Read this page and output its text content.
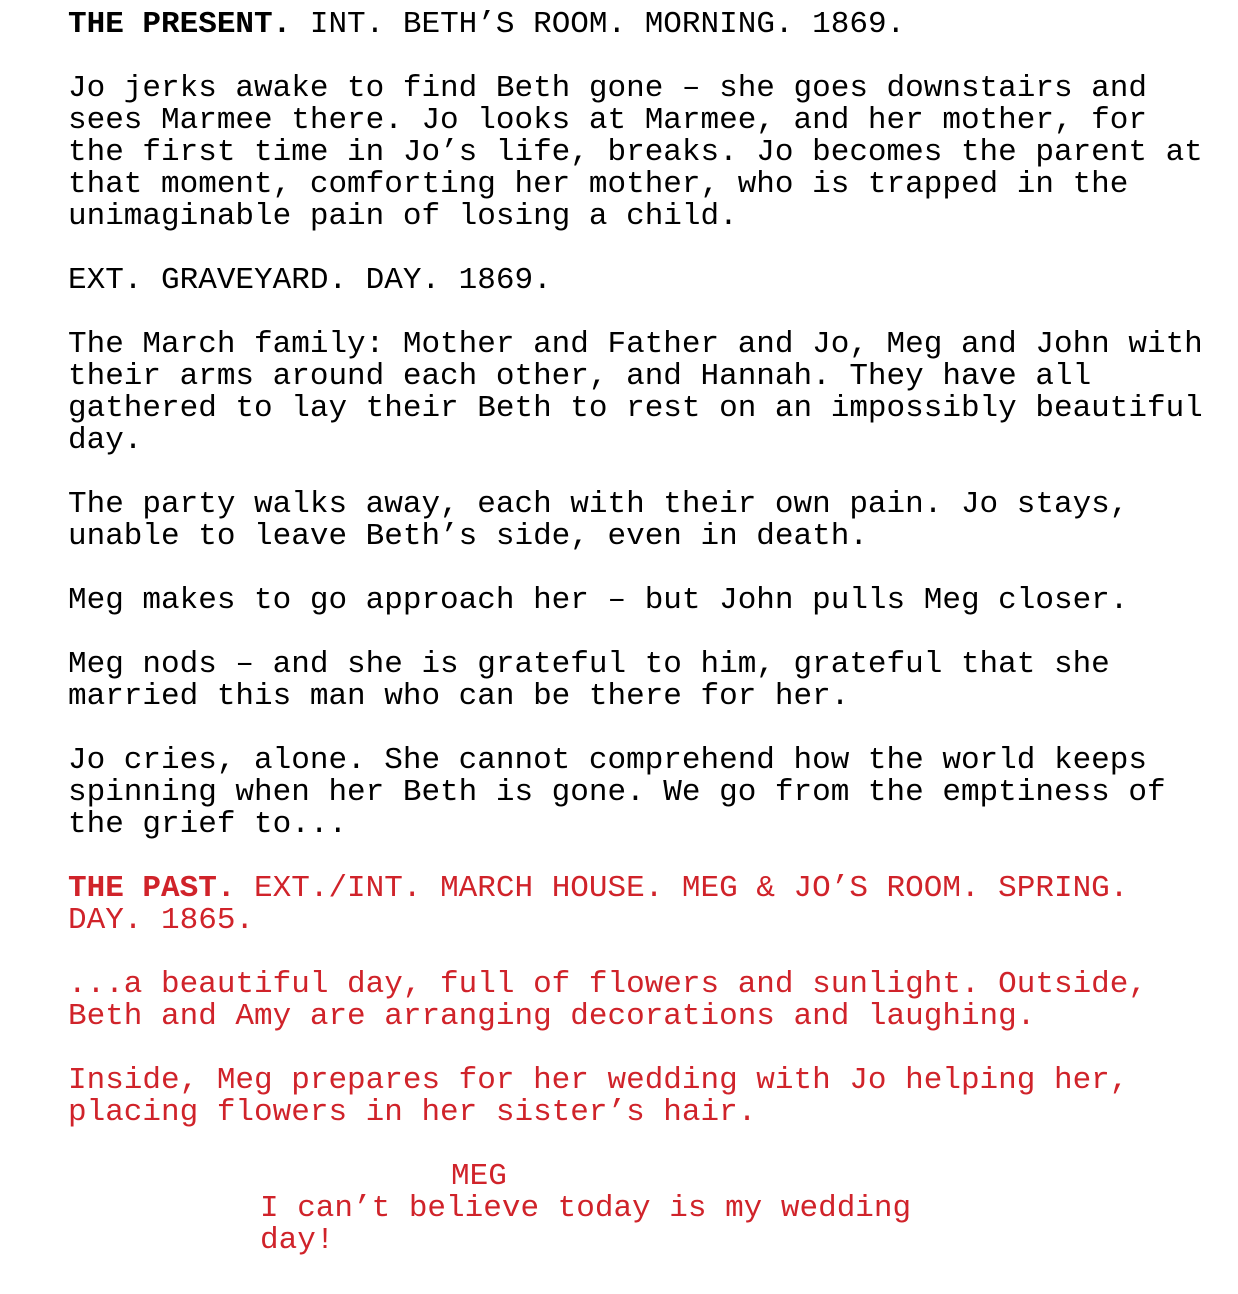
THE PRESENT. INT. BETH’S ROOM. MORNING. 1869.
Jo jerks awake to find Beth gone – she goes downstairs and
sees Marmee there. Jo looks at Marmee, and her mother, for
the first time in Jo’s life, breaks. Jo becomes the parent at
that moment, comforting her mother, who is trapped in the
unimaginable pain of losing a child.
EXT. GRAVEYARD. DAY. 1869.
The March family: Mother and Father and Jo, Meg and John with
their arms around each other, and Hannah. They have all
gathered to lay their Beth to rest on an impossibly beautiful
day.
The party walks away, each with their own pain. Jo stays,
unable to leave Beth’s side, even in death.
Meg makes to go approach her – but John pulls Meg closer.
Meg nods – and she is grateful to him, grateful that she
married this man who can be there for her.
Jo cries, alone. She cannot comprehend how the world keeps
spinning when her Beth is gone. We go from the emptiness of
the grief to...
THE PAST. EXT./INT. MARCH HOUSE. MEG & JO’S ROOM. SPRING.
DAY. 1865.
...a beautiful day, full of flowers and sunlight. Outside,
Beth and Amy are arranging decorations and laughing.
Inside, Meg prepares for her wedding with Jo helping her,
placing flowers in her sister’s hair.
MEG
I can’t believe today is my wedding
day!
